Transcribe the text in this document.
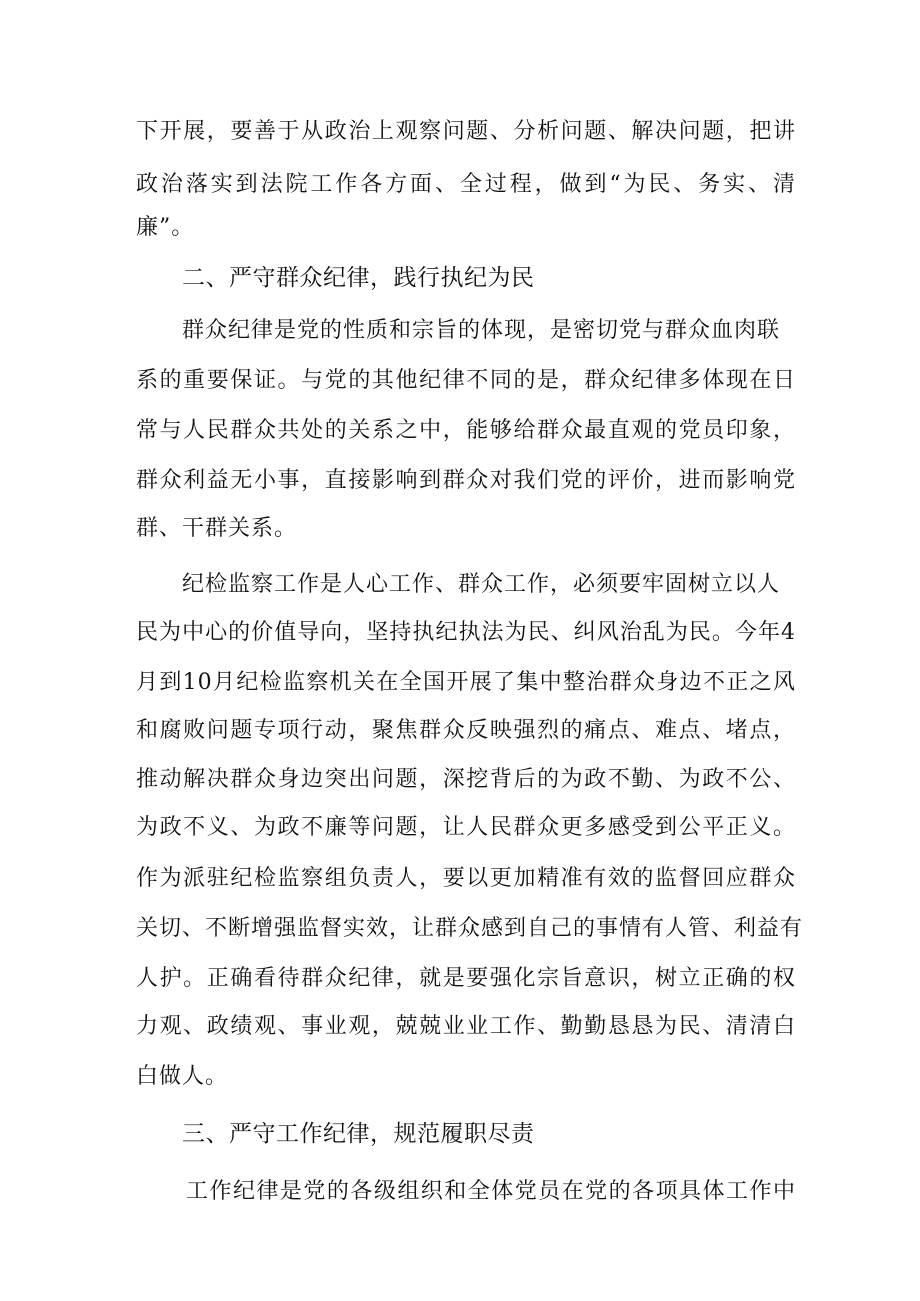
下开展，要善于从政治上观察问题、分析问题、解决问题，把讲
政治落实到法院工作各方面、全过程，做到“为民、务实、清
廉”。
二、严守群众纪律，践行执纪为民
群众纪律是党的性质和宗旨的体现，是密切党与群众血肉联
系的重要保证。与党的其他纪律不同的是，群众纪律多体现在日
常与人民群众共处的关系之中，能够给群众最直观的党员印象，
群众利益无小事，直接影响到群众对我们党的评价，进而影响党
群、干群关系。
纪检监察工作是人心工作、群众工作，必须要牢固树立以人
民为中心的价值导向，坚持执纪执法为民、纠风治乱为民。今年4
月到10月纪检监察机关在全国开展了集中整治群众身边不正之风
和腐败问题专项行动，聚焦群众反映强烈的痛点、难点、堵点，
推动解决群众身边突出问题，深挖背后的为政不勤、为政不公、
为政不义、为政不廉等问题，让人民群众更多感受到公平正义。
作为派驻纪检监察组负责人，要以更加精准有效的监督回应群众
关切、不断增强监督实效，让群众感到自己的事情有人管、利益有
人护。正确看待群众纪律，就是要强化宗旨意识，树立正确的权
力观、政绩观、事业观，兢兢业业工作、勤勤恳恳为民、清清白
白做人。
三、严守工作纪律，规范履职尽责
工作纪律是党的各级组织和全体党员在党的各项具体工作中
